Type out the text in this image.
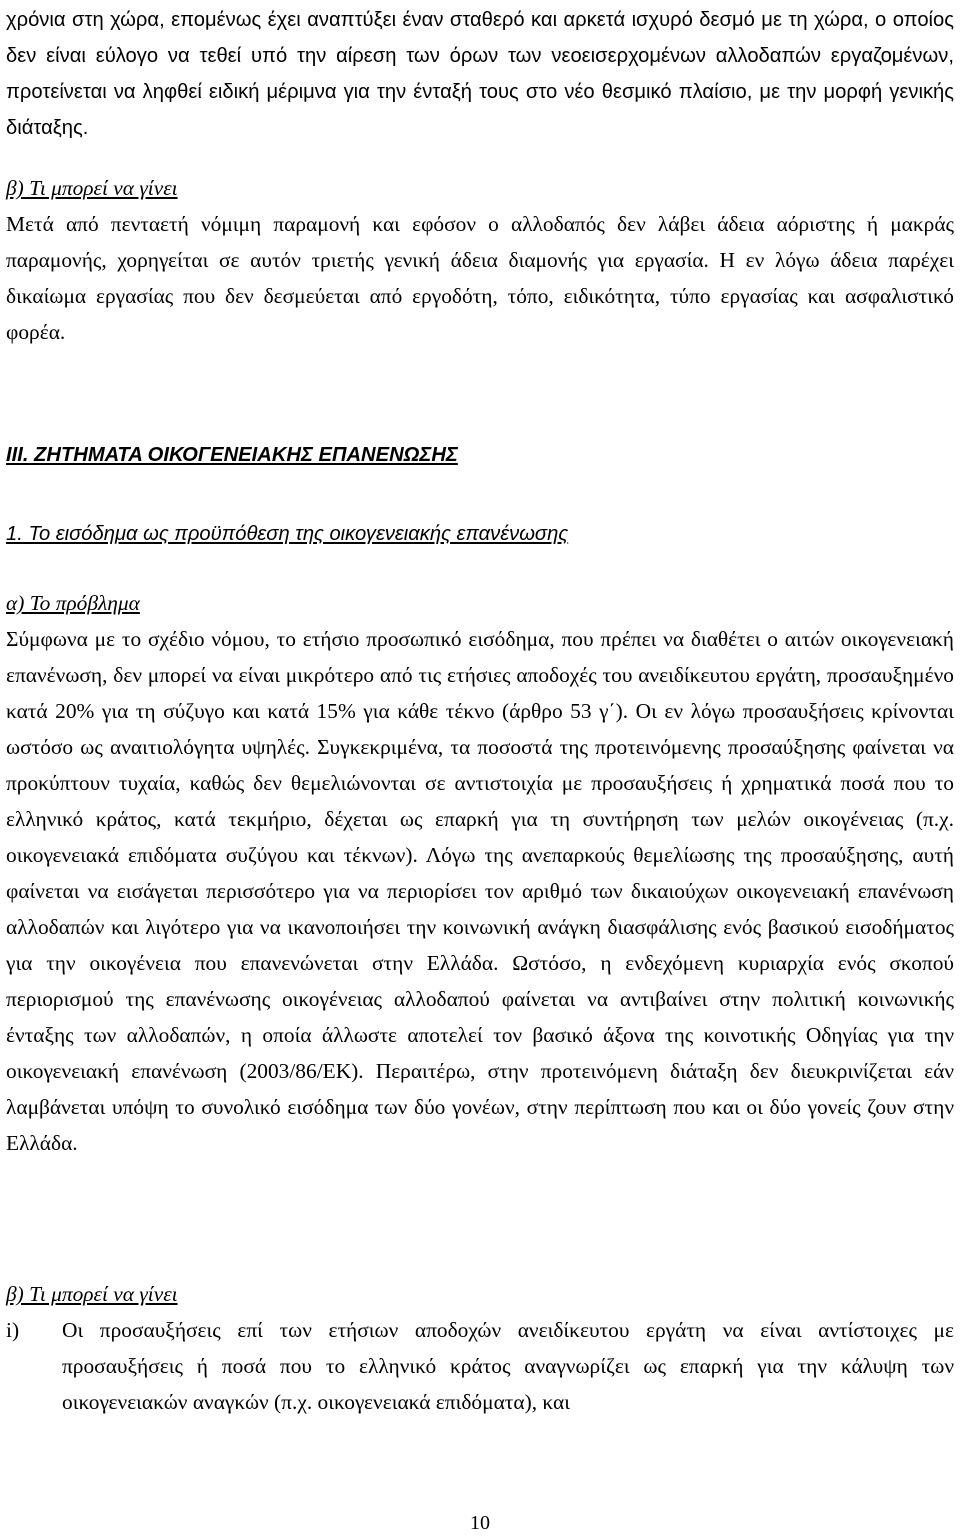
χρόνια στη χώρα, επομένως έχει αναπτύξει έναν σταθερό και αρκετά ισχυρό δεσμό με τη χώρα, ο οποίος δεν είναι εύλογο να τεθεί υπό την αίρεση των όρων των νεοεισερχομένων αλλοδαπών εργαζομένων, προτείνεται να ληφθεί ειδική μέριμνα για την ένταξή τους στο νέο θεσμικό πλαίσιο, με την μορφή γενικής διάταξης.

β) Τι μπορεί να γίνει

Μετά από πενταετή νόμιμη παραμονή και εφόσον ο αλλοδαπός δεν λάβει άδεια αόριστης ή μακράς παραμονής, χορηγείται σε αυτόν τριετής γενική άδεια διαμονής για εργασία. Η εν λόγω άδεια παρέχει δικαίωμα εργασίας που δεν δεσμεύεται από εργοδότη, τόπο, ειδικότητα, τύπο εργασίας και ασφαλιστικό φορέα.

ΙΙΙ. ΖΗΤΗΜΑΤΑ ΟΙΚΟΓΕΝΕΙΑΚΗΣ ΕΠΑΝΕΝΩΣΗΣ
1. Το εισόδημα ως προϋπόθεση της οικογενειακής επανένωσης
α) Το πρόβλημα

Σύμφωνα με το σχέδιο νόμου, το ετήσιο προσωπικό εισόδημα, που πρέπει να διαθέτει ο αιτών οικογενειακή επανένωση, δεν μπορεί να είναι μικρότερο από τις ετήσιες αποδοχές του ανειδίκευτου εργάτη, προσαυξημένο κατά 20% για τη σύζυγο και κατά 15% για κάθε τέκνο (άρθρο 53 γ΄). Οι εν λόγω προσαυξήσεις κρίνονται ωστόσο ως αναιτιολόγητα υψηλές. Συγκεκριμένα, τα ποσοστά της προτεινόμενης προσαύξησης φαίνεται να προκύπτουν τυχαία, καθώς δεν θεμελιώνονται σε αντιστοιχία με προσαυξήσεις ή χρηματικά ποσά που το ελληνικό κράτος, κατά τεκμήριο, δέχεται ως επαρκή για τη συντήρηση των μελών οικογένειας (π.χ. οικογενειακά επιδόματα συζύγου και τέκνων). Λόγω της ανεπαρκούς θεμελίωσης της προσαύξησης, αυτή φαίνεται να εισάγεται περισσότερο για να περιορίσει τον αριθμό των δικαιούχων οικογενειακή επανένωση αλλοδαπών και λιγότερο για να ικανοποιήσει την κοινωνική ανάγκη διασφάλισης ενός βασικού εισοδήματος για την οικογένεια που επανενώνεται στην Ελλάδα. Ωστόσο, η ενδεχόμενη κυριαρχία ενός σκοπού περιορισμού της επανένωσης οικογένειας αλλοδαπού φαίνεται να αντιβαίνει στην πολιτική κοινωνικής ένταξης των αλλοδαπών, η οποία άλλωστε αποτελεί τον βασικό άξονα της κοινοτικής Οδηγίας για την οικογενειακή επανένωση (2003/86/ΕΚ). Περαιτέρω, στην προτεινόμενη διάταξη δεν διευκρινίζεται εάν λαμβάνεται υπόψη το συνολικό εισόδημα των δύο γονέων, στην περίπτωση που και οι δύο γονείς ζουν στην Ελλάδα.

β) Τι μπορεί να γίνει
i)	Οι προσαυξήσεις επί των ετήσιων αποδοχών ανειδίκευτου εργάτη να είναι αντίστοιχες με προσαυξήσεις ή ποσά που το ελληνικό κράτος αναγνωρίζει ως επαρκή για την κάλυψη των οικογενειακών αναγκών (π.χ. οικογενειακά επιδόματα), και
10
